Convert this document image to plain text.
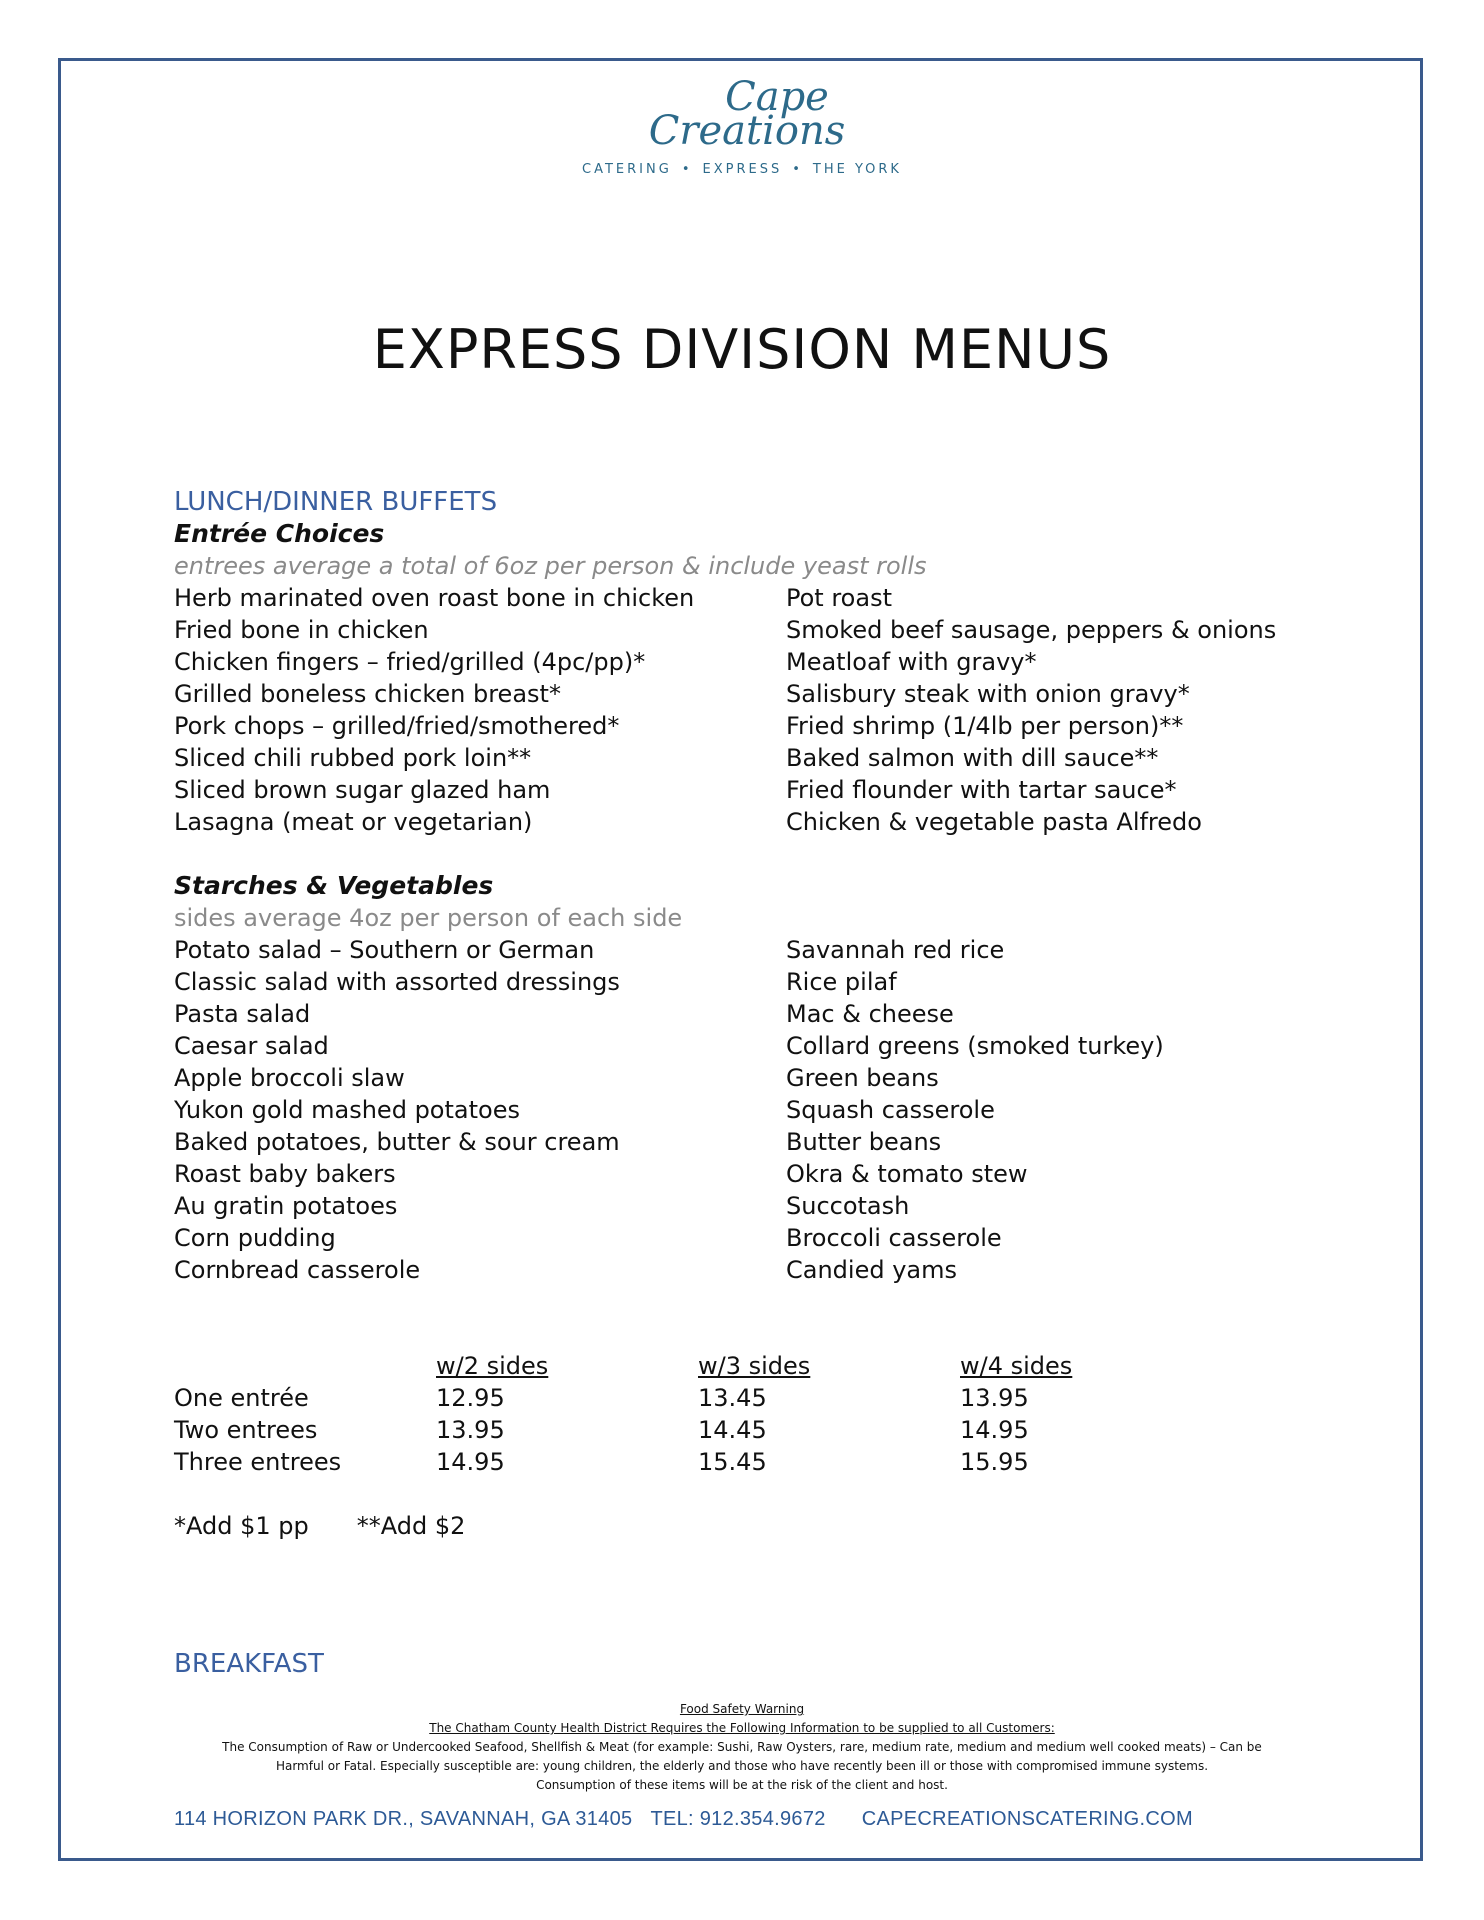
Cape
Creations
CATERING • EXPRESS • THE YORK
EXPRESS DIVISION MENUS
LUNCH/DINNER BUFFETS
Entrée Choices
entrees average a total of 6oz per person & include yeast rolls
Herb marinated oven roast bone in chicken
Fried bone in chicken
Chicken fingers – fried/grilled (4pc/pp)*
Grilled boneless chicken breast*
Pork chops – grilled/fried/smothered*
Sliced chili rubbed pork loin**
Sliced brown sugar glazed ham
Lasagna (meat or vegetarian)
Pot roast
Smoked beef sausage, peppers & onions
Meatloaf with gravy*
Salisbury steak with onion gravy*
Fried shrimp (1/4lb per person)**
Baked salmon with dill sauce**
Fried flounder with tartar sauce*
Chicken & vegetable pasta Alfredo
Starches & Vegetables
sides average 4oz per person of each side
Potato salad – Southern or German
Classic salad with assorted dressings
Pasta salad
Caesar salad
Apple broccoli slaw
Yukon gold mashed potatoes
Baked potatoes, butter & sour cream
Roast baby bakers
Au gratin potatoes
Corn pudding
Cornbread casserole
Savannah red rice
Rice pilaf
Mac & cheese
Collard greens (smoked turkey)
Green beans
Squash casserole
Butter beans
Okra & tomato stew
Succotash
Broccoli casserole
Candied yams
	w/2 sides	w/3 sides	w/4 sides
One entrée	12.95	13.45	13.95
Two entrees	13.95	14.45	14.95
Three entrees	14.95	15.45	15.95
*Add $1 pp **Add $2
BREAKFAST
Food Safety Warning
The Chatham County Health District Requires the Following Information to be supplied to all Customers:
The Consumption of Raw or Undercooked Seafood, Shellfish & Meat (for example: Sushi, Raw Oysters, rare, medium rate, medium and medium well cooked meats) – Can be
Harmful or Fatal. Especially susceptible are: young children, the elderly and those who have recently been ill or those with compromised immune systems.
Consumption of these items will be at the risk of the client and host.
114 HORIZON PARK DR., SAVANNAH, GA 31405 TEL: 912.354.9672 CAPECREATIONSCATERING.COM
